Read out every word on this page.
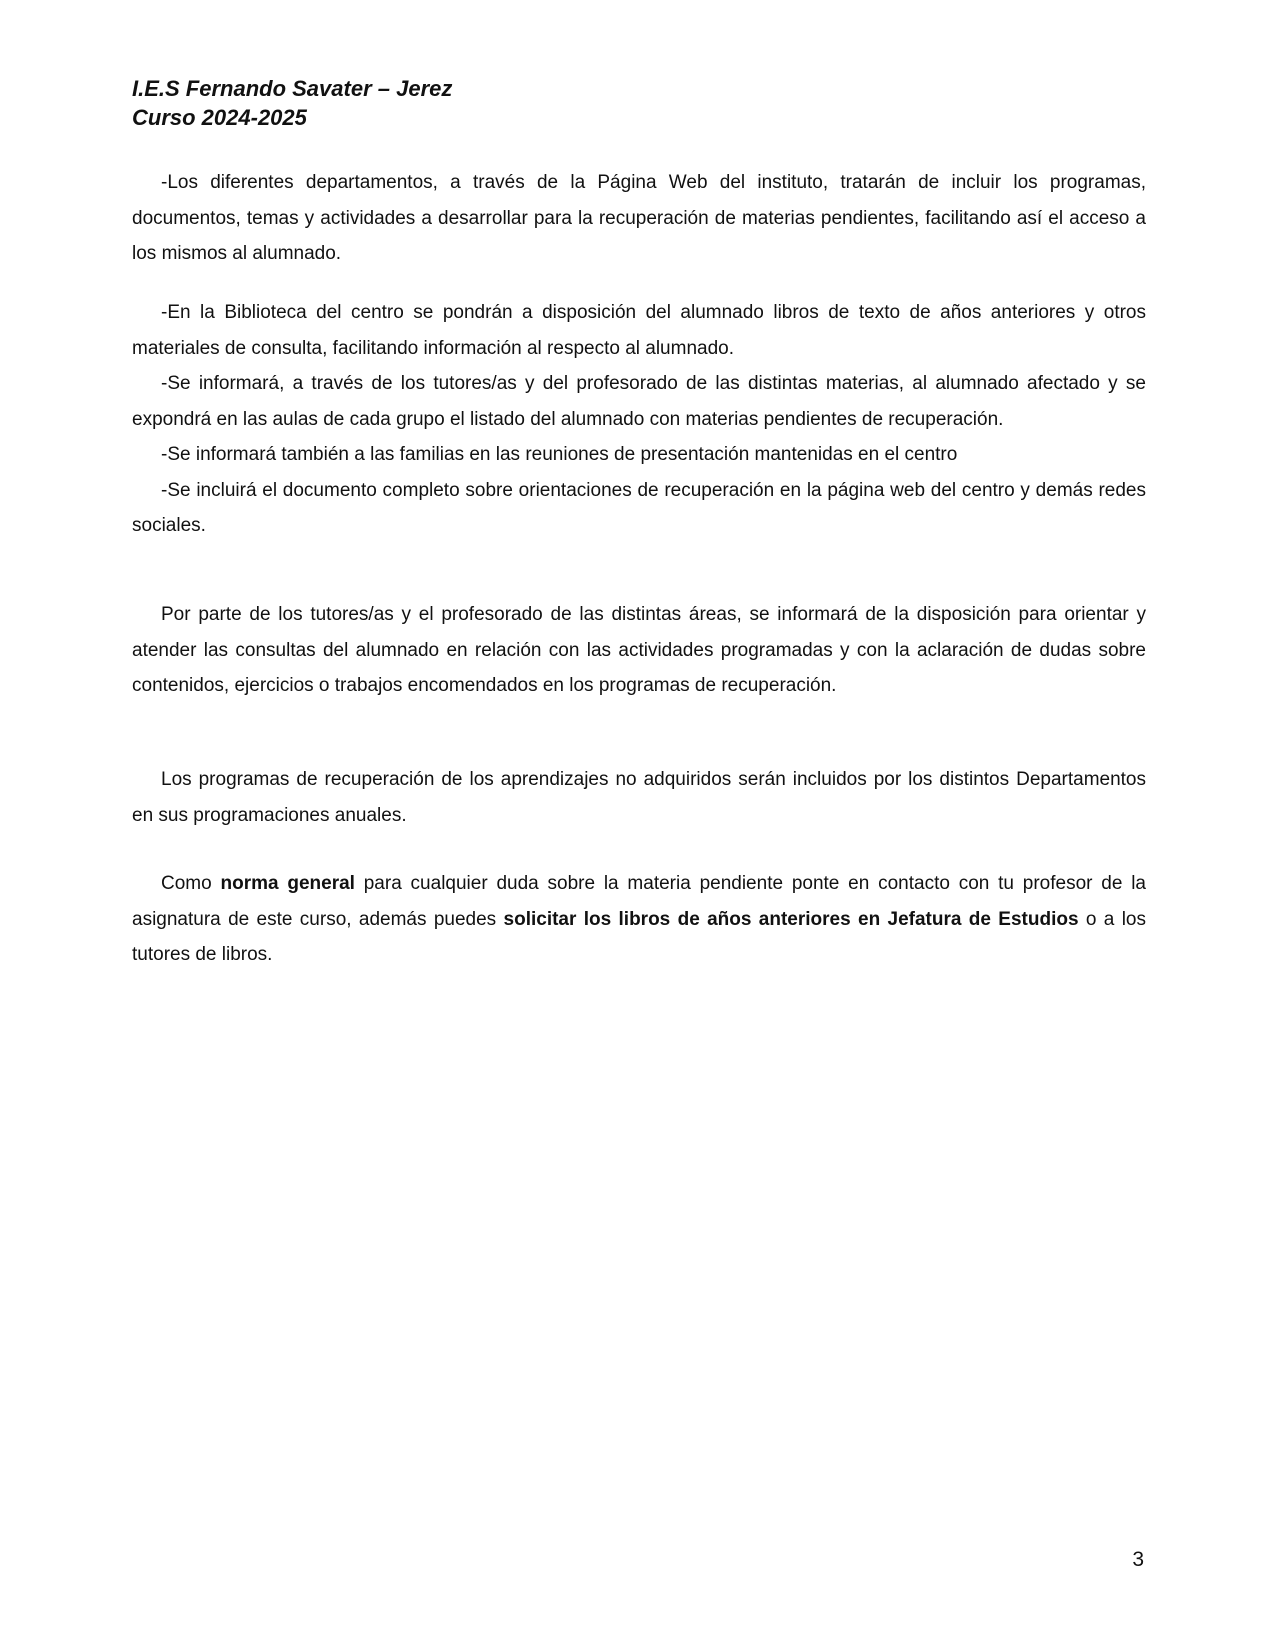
I.E.S Fernando Savater – Jerez
Curso 2024-2025

-Los diferentes departamentos, a través de la Página Web del instituto, tratarán de incluir los programas, documentos, temas y actividades a desarrollar para la recuperación de materias pendientes, facilitando así el acceso a los mismos al alumnado.

-En la Biblioteca del centro se pondrán a disposición del alumnado libros de texto de años anteriores y otros materiales de consulta, facilitando información al respecto al alumnado.

-Se informará, a través de los tutores/as y del profesorado de las distintas materias, al alumnado afectado y se expondrá en las aulas de cada grupo el listado del alumnado con materias pendientes de recuperación.

-Se informará también a las familias en las reuniones de presentación mantenidas en el centro

-Se incluirá el documento completo sobre orientaciones de recuperación en la página web del centro y demás redes sociales.

Por parte de los tutores/as y el profesorado de las distintas áreas, se informará de la disposición para orientar y atender las consultas del alumnado en relación con las actividades programadas y con la aclaración de dudas sobre contenidos, ejercicios o trabajos encomendados en los programas de recuperación.

Los programas de recuperación de los aprendizajes no adquiridos serán incluidos por los distintos Departamentos en sus programaciones anuales.

Como norma general para cualquier duda sobre la materia pendiente ponte en contacto con tu profesor de la asignatura de este curso, además puedes solicitar los libros de años anteriores en Jefatura de Estudios o a los tutores de libros.

3
